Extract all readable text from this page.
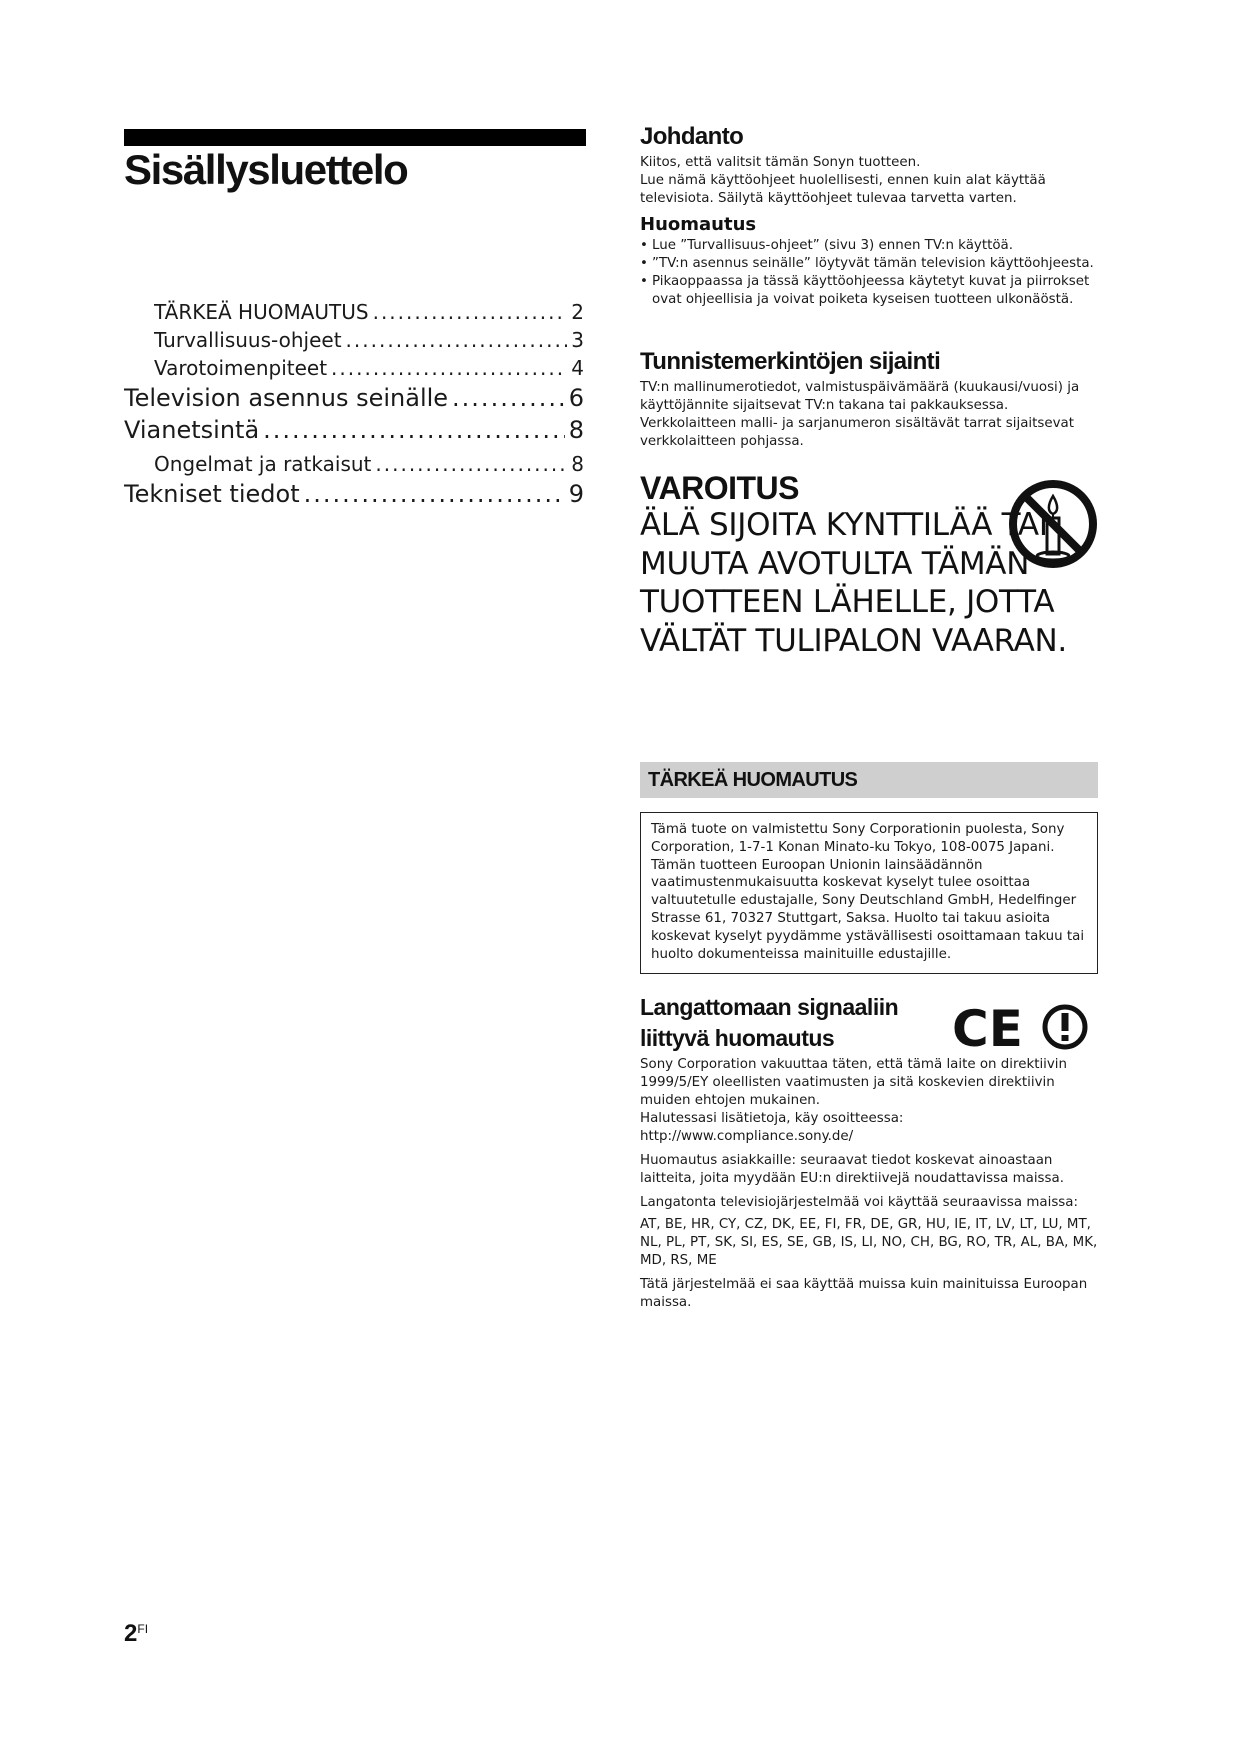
Sisällysluettelo
TÄRKEÄ HUOMAUTUS .....	2
Turvallisuus-ohjeet .....	3
Varotoimenpiteet .....	4
Television asennus seinälle .....	6
Vianetsintä .....	8
Ongelmat ja ratkaisut .....	8
Tekniset tiedot .....	9
$2^{FI}$
Johdanto

Kiitos, että valitsit tämän Sonyn tuotteen.

Lue nämä käyttöohjeet huolellisesti, ennen kuin alat käyttää televisiota. Säilytä käyttöohjeet tulevaa tarvetta varten.

Huomautus
• Lue ”Turvallisuus-ohjeet” (sivu 3) ennen TV:n käyttöä.
• ”TV:n asennus seinälle” löytyvät tämän television käyttöohjeesta.
• Pikaoppaassa ja tässä käyttöohjeessa käytetyt kuvat ja piirrokset ovat ohjeellisia ja voivat poiketa kyseisen tuotteen ulkonäöstä.
Tunnistemerkintöjen sijainti

TV:n mallinumerotiedot, valmistuspäivämäärä (kuukausi/vuosi) ja käyttöjännite sijaitsevat TV:n takana tai pakkauksessa.

Verkkolaitteen malli- ja sarjanumeron sisältävät tarrat sijaitsevat verkkolaitteen pohjassa.

VAROITUS
ÄLÄ SIJOITA KYNTTILÄÄ TAI MUUTA AVOTULTA TÄMÄN TUOTTEEN LÄHELLE, JOTTA VÄLTÄT TULIPALON VAARAN.
TÄRKEÄ HUOMAUTUS
Tämä tuote on valmistettu Sony Corporationin puolesta, Sony Corporation, 1-7-1 Konan Minato-ku Tokyo, 108-0075 Japani. Tämän tuotteen Euroopan Unionin lainsäädännön vaatimustenmukaisuutta koskevat kyselyt tulee osoittaa valtuutetulle edustajalle, Sony Deutschland GmbH, Hedelfinger Strasse 61, 70327 Stuttgart, Saksa. Huolto tai takuu asioita koskevat kyselyt pyydämme ystävällisesti osoittamaan takuu tai huolto dokumenteissa mainituille edustajille.
Langattomaan signaaliin liittyvä huomautus	CE

Sony Corporation vakuuttaa täten, että tämä laite on direktiivin 1999/5/EY oleellisten vaatimusten ja sitä koskevien direktiivin muiden ehtojen mukainen.

Halutessasi lisätietoja, käy osoitteessa: http://www.compliance.sony.de/

Huomautus asiakkaille: seuraavat tiedot koskevat ainoastaan laitteita, joita myydään EU:n direktiivejä noudattavissa maissa.

Langatonta televisiojärjestelmää voi käyttää seuraavissa maissa:

AT, BE, HR, CY, CZ, DK, EE, FI, FR, DE, GR, HU, IE, IT, LV, LT, LU, MT, NL, PL, PT, SK, SI, ES, SE, GB, IS, LI, NO, CH, BG, RO, TR, AL, BA, MK, MD, RS, ME

Tätä järjestelmää ei saa käyttää muissa kuin mainituissa Euroopan maissa.
